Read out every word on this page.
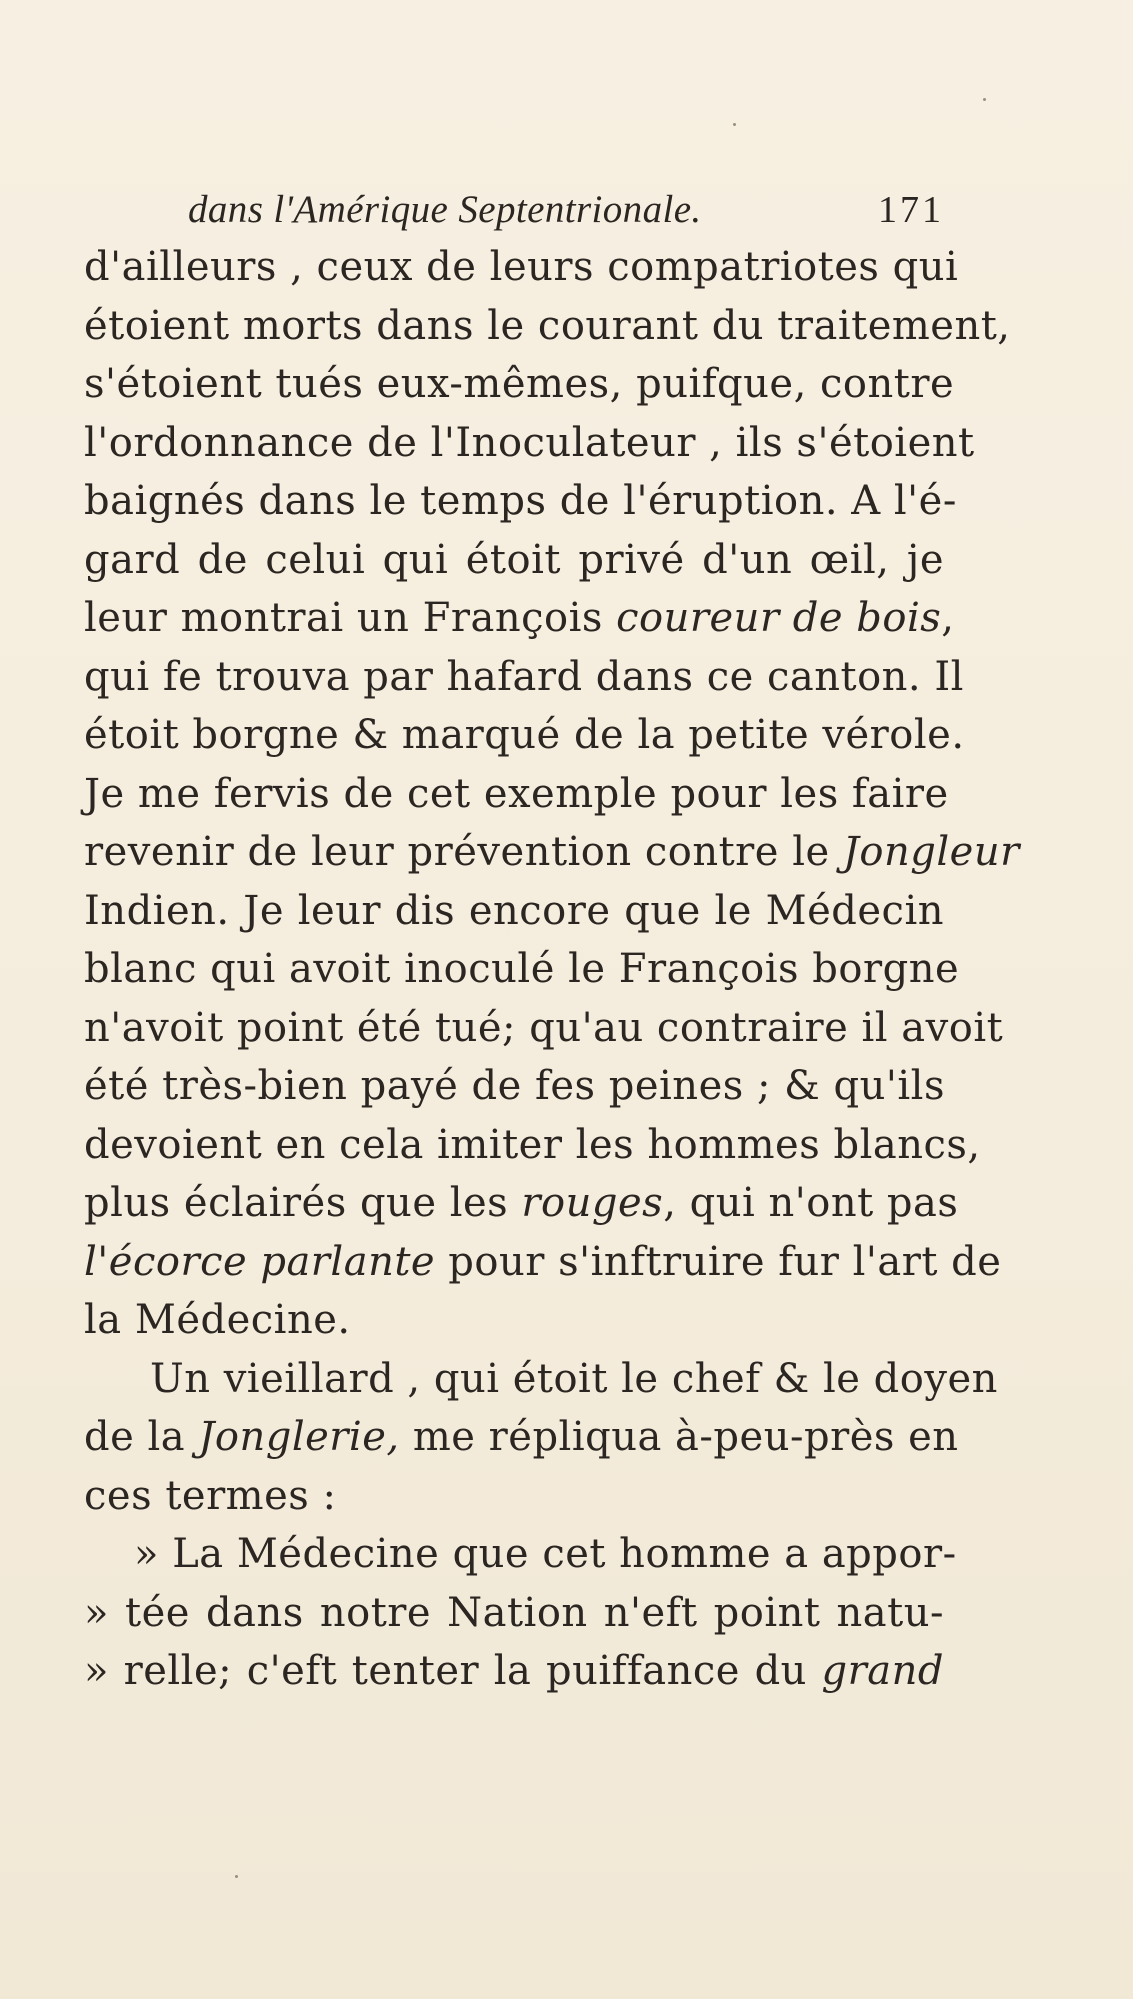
dans l'Amérique Septentrionale.	171
d'ailleurs , ceux de leurs compatriotes qui
étoient morts dans le courant du traitement,
s'étoient tués eux-mêmes, puifque, contre
l'ordonnance de l'Inoculateur , ils s'étoient
baignés dans le temps de l'éruption. A l'é-
gard de celui qui étoit privé d'un œil, je
leur montrai un François coureur de bois,
qui fe trouva par hafard dans ce canton. Il
étoit borgne & marqué de la petite vérole.
Je me fervis de cet exemple pour les faire
revenir de leur prévention contre le Jongleur
Indien. Je leur dis encore que le Médecin
blanc qui avoit inoculé le François borgne
n'avoit point été tué; qu'au contraire il avoit
été très-bien payé de fes peines ; & qu'ils
devoient en cela imiter les hommes blancs,
plus éclairés que les rouges, qui n'ont pas
l'écorce parlante pour s'inftruire fur l'art de
la Médecine.
Un vieillard , qui étoit le chef & le doyen
de la Jonglerie, me répliqua à-peu-près en
ces termes :
» La Médecine que cet homme a appor-
» tée dans notre Nation n'eft point natu-
» relle; c'eft tenter la puiffance du grand
